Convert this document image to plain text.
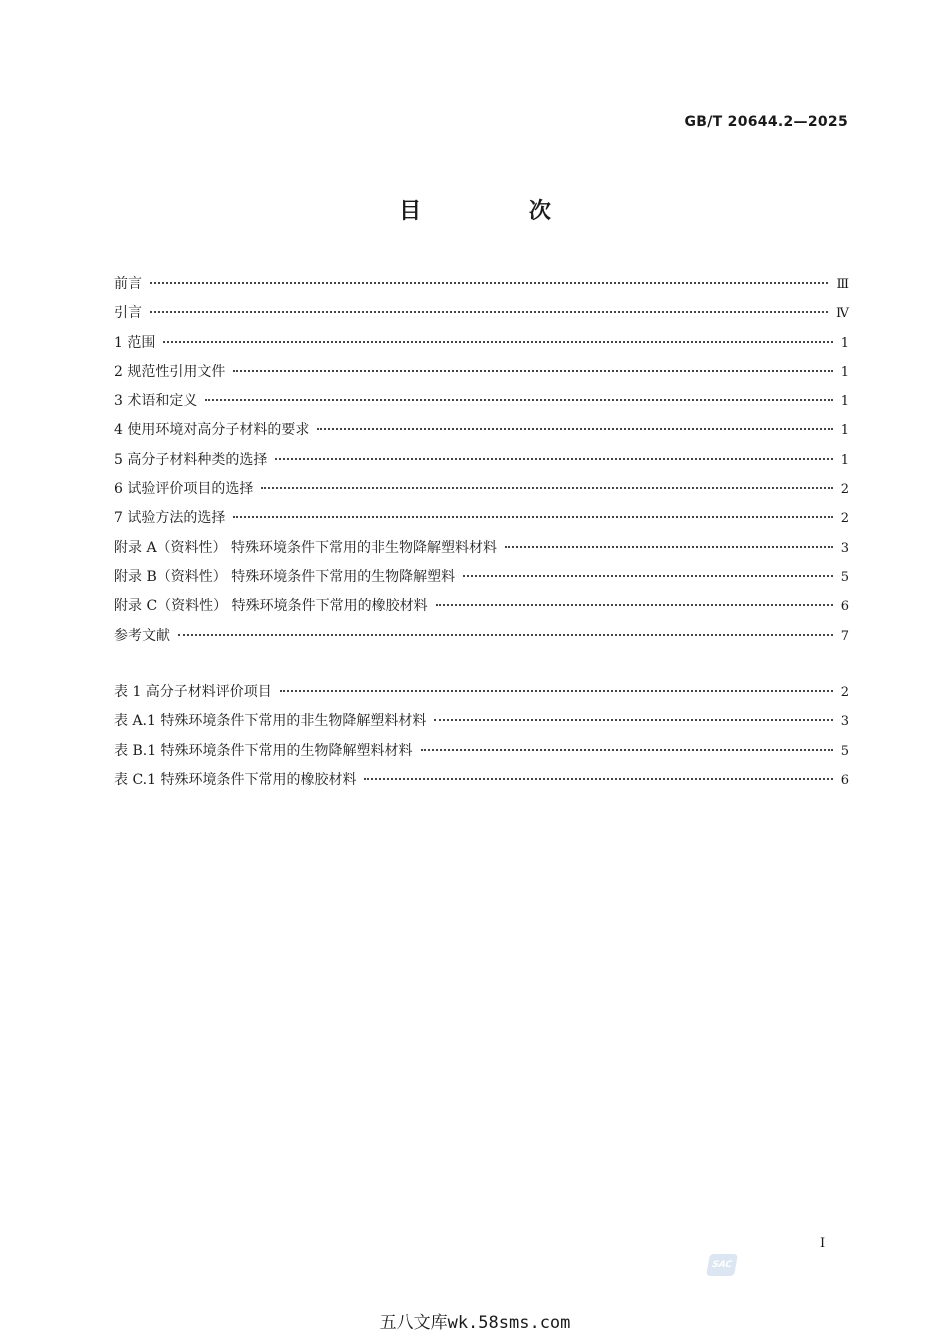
GB/T 20644.2—2025
目 次
前言	Ⅲ
引言	Ⅳ
1 范围	1
2 规范性引用文件	1
3 术语和定义	1
4 使用环境对高分子材料的要求	1
5 高分子材料种类的选择	1
6 试验评价项目的选择	2
7 试验方法的选择	2
附录 A（资料性） 特殊环境条件下常用的非生物降解塑料材料	3
附录 B（资料性） 特殊环境条件下常用的生物降解塑料	5
附录 C（资料性） 特殊环境条件下常用的橡胶材料	6
参考文献	7
表 1 高分子材料评价项目	2
表 A.1 特殊环境条件下常用的非生物降解塑料材料	3
表 B.1 特殊环境条件下常用的生物降解塑料材料	5
表 C.1 特殊环境条件下常用的橡胶材料	6
I
SAC
五八文库wk.58sms.com
